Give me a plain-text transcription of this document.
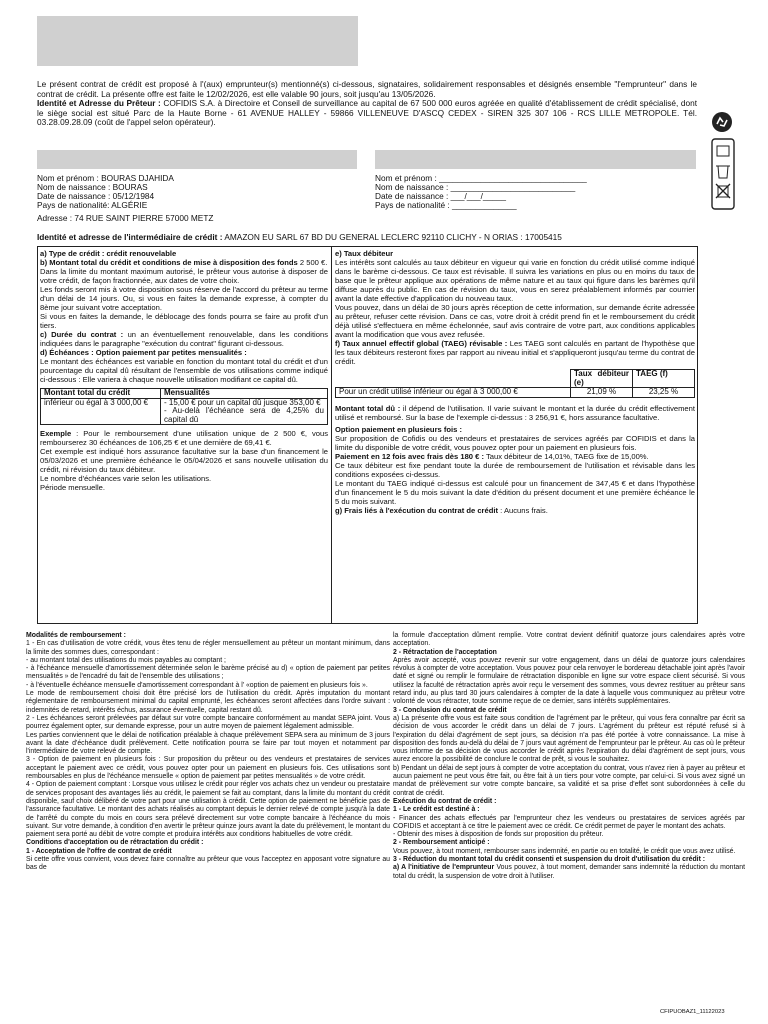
Le présent contrat de crédit est proposé à l'(aux) emprunteur(s) mentionné(s) ci-dessous, signataires, solidairement responsables et désignés ensemble "l'emprunteur" dans le contrat de crédit. La présente offre est faite le 12/02/2026, est elle valable 90 jours, soit jusqu'au 13/05/2026.
Identité et Adresse du Prêteur : COFIDIS S.A. à Directoire et Conseil de surveillance au capital de 67 500 000 euros agréée en qualité d'établissement de crédit spécialisé, dont le siège social est situé Parc de la Haute Borne - 61 AVENUE HALLEY - 59866 VILLENEUVE D'ASCQ CEDEX - SIREN 325 307 106 - RCS LILLE METROPOLE. Tél. 03.28.09.28.09 (coût de l'appel selon opérateur).
Nom et prénom : BOURAS DJAHIDA
Nom de naissance : BOURAS
Date de naissance : 05/12/1984
Pays de nationalité: ALGÉRIE
Adresse : 74 RUE SAINT PIERRE 57000 METZ
Nom et prénom : ________________________________
Nom de naissance : ___________________________
Date de naissance : ___/___/_____
Pays de nationalité : ______________
Identité et adresse de l'intermédiaire de crédit : AMAZON EU SARL 67 BD DU GENERAL LECLERC 92110 CLICHY - N ORIAS : 17005415
a) Type de crédit : crédit renouvelable
b) Montant total du crédit et conditions de mise à disposition des fonds 2 500 €.
Dans la limite du montant maximum autorisé, le prêteur vous autorise à disposer de votre crédit, de façon fractionnée, aux dates de votre choix.
Les fonds seront mis à votre disposition sous réserve de l'accord du prêteur au terme d'un délai de 14 jours. Ou, si vous en faites la demande expresse, à compter du 8ème jour suivant votre acceptation.
Si vous en faites la demande, le déblocage des fonds pourra se faire au profit d'un tiers.
c) Durée du contrat : un an éventuellement renouvelable, dans les conditions indiquées dans le paragraphe "exécution du contrat" figurant ci-dessous.
d) Échéances : Option paiement par petites mensualités :
Le montant des échéances est variable en fonction du montant total du crédit et d'un pourcentage du capital dû résultant de l'ensemble de vos utilisations comme indiqué ci-dessous : Elle variera à chaque nouvelle utilisation modifiant ce capital dû.
Montant total du crédit	Mensualités
inférieur ou égal à 3 000,00 €	- 15,00 € pour un capital dû jusque 353,00 €
- Au-delà l'échéance sera de 4,25% du capital dû
Exemple : Pour le remboursement d'une utilisation unique de 2 500 €, vous rembourserez 30 échéances de 106,25 € et une dernière de 69,41 €.
Cet exemple est indiqué hors assurance facultative sur la base d'un financement le 05/03/2026 et une première échéance le 05/04/2026 et sans nouvelle utilisation du crédit, ni révision du taux débiteur.
Le nombre d'échéances varie selon les utilisations.
Période mensuelle.
e) Taux débiteur
Les intérêts sont calculés au taux débiteur en vigueur qui varie en fonction du crédit utilisé comme indiqué dans le barème ci-dessous. Ce taux est révisable. Il suivra les variations en plus ou en moins du taux de base que le prêteur applique aux opérations de même nature et au taux qui figure dans les barèmes qu'il diffuse auprès du public. En cas de révision du taux, vous en serez préalablement informés par courrier avant la date effective d'application du nouveau taux.
Vous pouvez, dans un délai de 30 jours après réception de cette information, sur demande écrite adressée au prêteur, refuser cette révision. Dans ce cas, votre droit à crédit prend fin et le remboursement du crédit déjà utilisé s'effectuera en même échelonnée, sauf avis contraire de votre part, aux conditions applicables avant la modification que vous avez refusée.
f) Taux annuel effectif global (TAEG) révisable : Les TAEG sont calculés en partant de l'hypothèse que les taux débiteurs resteront fixes par rapport au niveau initial et s'appliqueront jusqu'au terme du contrat de crédit.
	Taux débiteur (e)	TAEG (f)
Pour un crédit utilisé inférieur ou égal à 3 000,00 €	21,09 %	23,25 %
Montant total dû : il dépend de l'utilisation. Il varie suivant le montant et la durée du crédit effectivement utilisé et remboursé. Sur la base de l'exemple ci-dessus : 3 256,91 €, hors assurance facultative.
Option paiement en plusieurs fois :
Sur proposition de Cofidis ou des vendeurs et prestataires de services agréés par COFIDIS et dans la limite du disponible de votre crédit, vous pouvez opter pour un paiement en plusieurs fois.
Paiement en 12 fois avec frais dès 180 € : Taux débiteur de 14,01%, TAEG fixe de 15,00%.
Ce taux débiteur est fixe pendant toute la durée de remboursement de l'utilisation et révisable dans les conditions exposées ci-dessus.
Le montant du TAEG indiqué ci-dessus est calculé pour un financement de 347,45 € et dans l'hypothèse d'un financement le 5 du mois suivant la date d'édition du présent document et une première échéance le 5 du mois suivant.
g) Frais liés à l'exécution du contrat de crédit : Aucuns frais.
Modalités de remboursement :
1 - En cas d'utilisation de votre crédit, vous êtes tenu de régler mensuellement au prêteur un montant minimum, dans la limite des sommes dues, correspondant :
- au montant total des utilisations du mois payables au comptant ;
- à l'échéance mensuelle d'amortissement déterminée selon le barème précisé au d) « option de paiement par petites mensualités » de l'encadré du fait de l'ensemble des utilisations ;
- à l'éventuelle échéance mensuelle d'amortissement correspondant à l' «option de paiement en plusieurs fois ».
Le mode de remboursement choisi doit être précisé lors de l'utilisation du crédit. Après imputation du montant réglementaire de remboursement minimal du capital emprunté, les échéances seront affectées dans l'ordre suivant : indemnités de retard, intérêts échus, assurance éventuelle, capital restant dû.
2 - Les échéances seront prélevées par défaut sur votre compte bancaire conformément au mandat SEPA joint. Vous pourrez également opter, sur demande expresse, pour un autre moyen de paiement légalement admissible.
Les parties conviennent que le délai de notification préalable à chaque prélèvement SEPA sera au minimum de 3 jours avant la date d'échéance dudit prélèvement. Cette notification pourra se faire par tout moyen et notamment par l'intermédiaire de votre relevé de compte.
3 - Option de paiement en plusieurs fois : Sur proposition du prêteur ou des vendeurs et prestataires de services acceptant le paiement avec ce crédit, vous pouvez opter pour un paiement en plusieurs fois. Ces utilisations sont remboursables en plus de l'échéance mensuelle « option de paiement par petites mensualités » de votre crédit.
4 - Option de paiement comptant : Lorsque vous utilisez le crédit pour régler vos achats chez un vendeur ou prestataire de services proposant des avantages liés au crédit, le paiement se fait au comptant, dans la limite du montant du crédit disponible, sauf choix délibéré de votre part pour une utilisation à crédit. Cette option de paiement ne bénéficie pas de l'assurance facultative. Le montant des achats réalisés au comptant depuis le dernier relevé de compte jusqu'à la date de l'arrêté du compte du mois en cours sera prélevé directement sur votre compte bancaire à l'échéance du mois suivant. Sur votre demande, à condition d'en avertir le prêteur quinze jours avant la date du prélèvement, le montant du paiement sera porté au débit de votre compte et produira intérêts aux conditions habituelles de votre crédit.
Conditions d'acceptation ou de rétractation du crédit :
1 - Acceptation de l'offre de contrat de crédit
Si cette offre vous convient, vous devez faire connaître au prêteur que vous l'acceptez en apposant votre signature au bas de
la formule d'acceptation dûment remplie. Votre contrat devient définitif quatorze jours calendaires après votre acceptation.
2 - Rétractation de l'acceptation
Après avoir accepté, vous pouvez revenir sur votre engagement, dans un délai de quatorze jours calendaires révolus à compter de votre acceptation. Vous pouvez pour cela renvoyer le bordereau détachable joint après l'avoir daté et signé ou remplir le formulaire de rétractation disponible en ligne sur votre espace client sécurisé. Si vous utilisez la faculté de rétractation après avoir reçu le versement des sommes, vous devrez restituer au prêteur sans retard indu, au plus tard 30 jours calendaires à compter de la date à laquelle vous communiquez au prêteur votre volonté de vous rétracter, toute somme reçue de ce dernier, sans intérêts supplémentaires.
3 - Conclusion du contrat de crédit
a) La présente offre vous est faite sous condition de l'agrément par le prêteur, qui vous fera connaître par écrit sa décision de vous accorder le crédit dans un délai de 7 jours. L'agrément du prêteur est réputé refusé si à l'expiration du délai d'agrément de sept jours, sa décision n'a pas été portée à votre connaissance. La mise à disposition des fonds au-delà du délai de 7 jours vaut agrément de l'emprunteur par le prêteur. Au cas où le prêteur vous informe de sa décision de vous accorder le crédit après l'expiration du délai d'agrément de sept jours, vous aurez encore la possibilité de conclure le contrat de prêt, si vous le souhaitez.
b) Pendant un délai de sept jours à compter de votre acceptation du contrat, vous n'avez rien à payer au prêteur et aucun paiement ne peut vous être fait, ou être fait à un tiers pour votre compte, par celui-ci. Si vous avez signé un mandat de prélèvement sur votre compte bancaire, sa validité et sa prise d'effet sont subordonnées à celle du contrat de crédit.
Exécution du contrat de crédit :
1 - Le crédit est destiné à :
- Financer des achats effectués par l'emprunteur chez les vendeurs ou prestataires de services agréés par COFIDIS et acceptant à ce titre le paiement avec ce crédit. Ce crédit permet de payer le montant des achats.
- Obtenir des mises à disposition de fonds sur proposition du prêteur.
2 - Remboursement anticipé :
Vous pouvez, à tout moment, rembourser sans indemnité, en partie ou en totalité, le crédit que vous avez utilisé.
3 - Réduction du montant total du crédit consenti et suspension du droit d'utilisation du crédit :
a) A l'initiative de l'emprunteur Vous pouvez, à tout moment, demander sans indemnité la réduction du montant total du crédit, la suspension de votre droit à l'utiliser.
CFIPUOBAZ1_11122023
